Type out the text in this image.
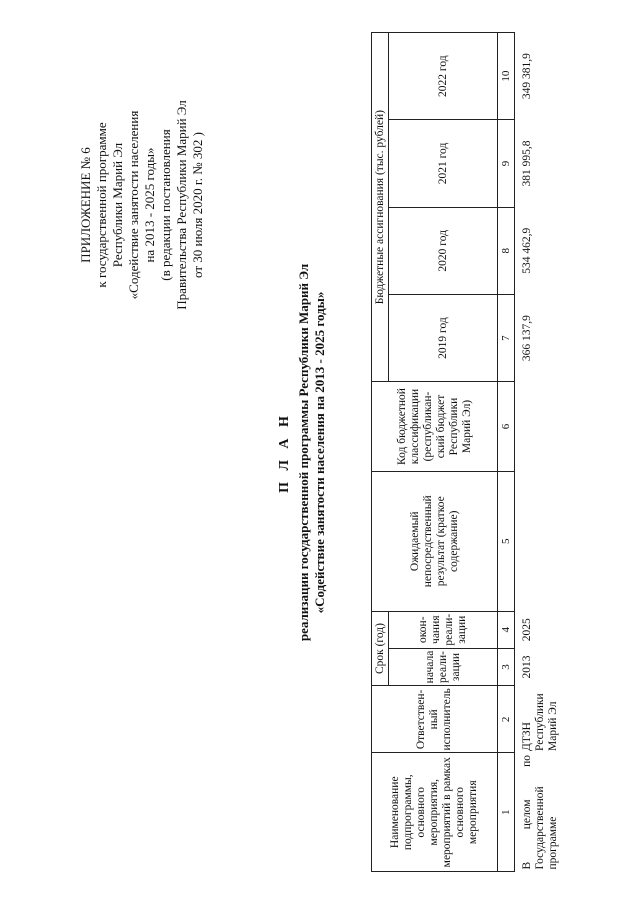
ПРИЛОЖЕНИЕ № 6 к государственной программе Республики Марий Эл «Содействие занятости населения на 2013 - 2025 годы» (в редакции постановления Правительства Республики Марий Эл от 30 июля 2020 г. № 302 )
П Л А Н реализации государственной программы Республики Марий Эл «Содействие занятости населения на 2013 - 2025 годы»
Наименование подпрограммы, основного мероприятия, мероприятий в рамках основного мероприятия	Ответствен-ный исполнитель	Срок (год)		Ожидаемый непосредственный результат (краткое содержание)	Код бюджетной классификации (республикан-ский бюджет Республики Марий Эл)	Бюджетные ассигнования (тыс. рублей)			
		начала реали-зации	окон-чания реали-зации			2019 год	2020 год	2021 год	2022 год
1	2	3	4	5	6	7	8	9	10
В целом по Государственной программе	ДТЗН Республики Марий Эл	2013	2025			366 137,9	534 462,9	381 995,8	349 381,9
